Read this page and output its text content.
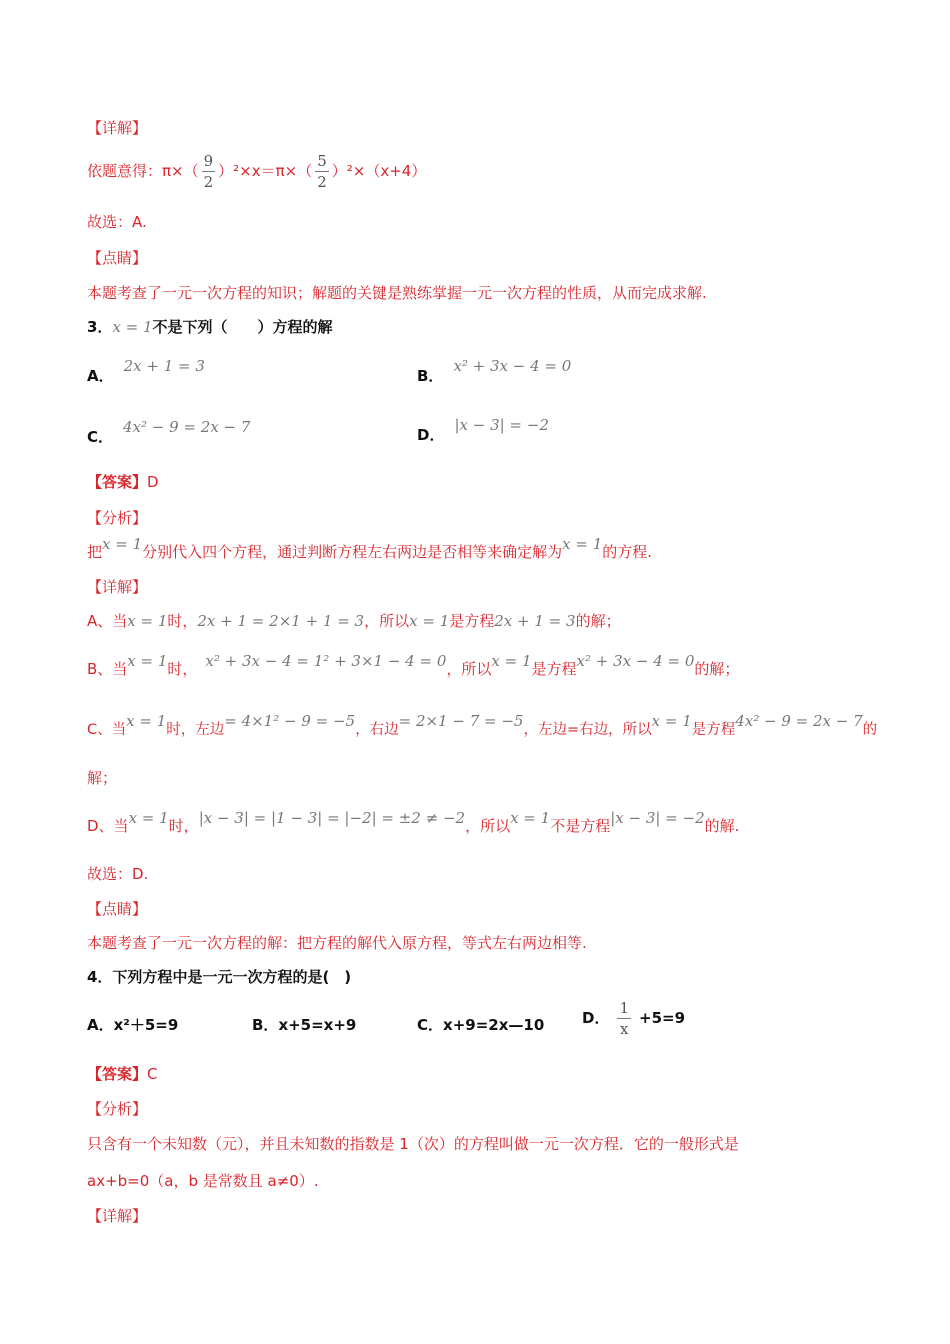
【详解】
依题意得：$\pi\times( \frac{9}{2} )^2\times x=\pi\times( \frac{5}{2} )^2\times(x+4)$
故选：A.
【点睛】
本题考查了一元一次方程的知识；解题的关键是熟练掌握一元一次方程的性质，从而完成求解.
3．x = 1不是下列（　　）方程的解
A．2x + 1 = 3
B．x² + 3x − 4 = 0
C．4x² − 9 = 2x − 7	D．|x − 3| = −2
【答案】D
【分析】
把x = 1分别代入四个方程，通过判断方程左右两边是否相等来确定解为x = 1的方程.
【详解】
A、当x = 1时，2x + 1 = 2×1 + 1 = 3，所以x = 1是方程2x + 1 = 3的解；
B、当x = 1时， x² + 3x − 4 = 1² + 3×1 − 4 = 0，所以x = 1是方程x² + 3x − 4 = 0的解；
C、当x = 1时，左边= 4×1² − 9 = −5，右边= 2×1 − 7 = −5，左边=右边，所以x = 1是方程4x² − 9 = 2x − 7的
解；
D、当x = 1时，|x − 3| = |1 − 3| = |−2| = ±2 ≠ −2，所以x = 1不是方程|x − 3| = −2的解.
故选：D.
【点睛】
本题考查了一元一次方程的解：把方程的解代入原方程，等式左右两边相等.
4．下列方程中是一元一次方程的是(　)
A．x²＋5=9	B．x+5=x+9	C．x+9=2x—10	D． $\frac{1}{x} +5=9$
【答案】C
【分析】
只含有一个未知数（元），并且未知数的指数是 1（次）的方程叫做一元一次方程．它的一般形式是
ax+b=0（a，b 是常数且 a≠0）.
【详解】
